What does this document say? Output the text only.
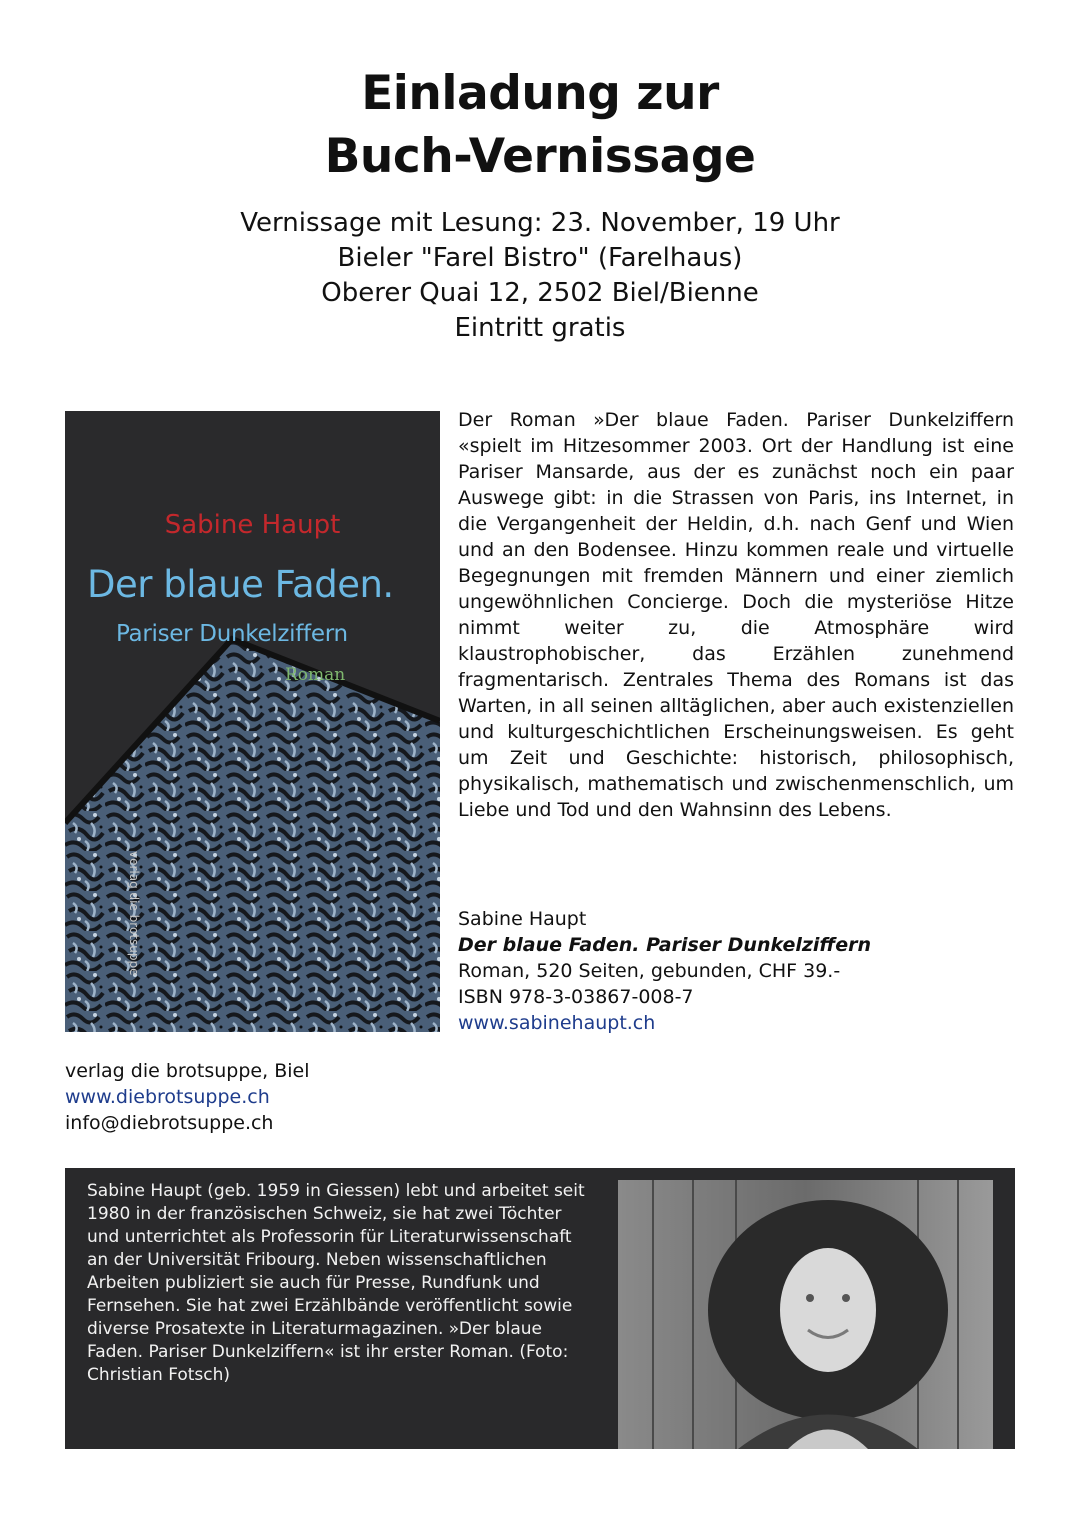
Einladung zur
Buch-Vernissage
Vernissage mit Lesung: 23. November, 19 Uhr
Bieler "Farel Bistro" (Farelhaus)
Oberer Quai 12, 2502 Biel/Bienne
Eintritt gratis
Sabine Haupt
Der blaue Faden.
Pariser Dunkelziffern
Roman
verlag die brotsuppe
Der Roman »Der blaue Faden. Pariser Dunkelziffern «spielt im Hitzesommer 2003. Ort der Handlung ist eine Pariser Mansarde, aus der es zunächst noch ein paar Auswege gibt: in die Strassen von Paris, ins Internet, in die Vergangenheit der Heldin, d.h. nach Genf und Wien und an den Bodensee. Hinzu kommen reale und virtuelle Begegnungen mit fremden Männern und einer ziemlich ungewöhnlichen Concierge. Doch die mysteriöse Hitze nimmt weiter zu, die Atmosphäre wird klaustrophobischer, das Erzählen zunehmend fragmentarisch. Zentrales Thema des Romans ist das Warten, in all seinen alltäglichen, aber auch existenziellen und kulturgeschichtlichen Erscheinungsweisen. Es geht um Zeit und Geschichte: historisch, philosophisch, physikalisch, mathematisch und zwischenmenschlich, um Liebe und Tod und den Wahnsinn des Lebens.
Sabine Haupt
Der blaue Faden. Pariser Dunkelziffern
Roman, 520 Seiten, gebunden, CHF 39.-
ISBN 978-3-03867-008-7
www.sabinehaupt.ch
verlag die brotsuppe, Biel
www.diebrotsuppe.ch
info@diebrotsuppe.ch
Sabine Haupt (geb. 1959 in Giessen) lebt und arbeitet seit 1980 in der französischen Schweiz, sie hat zwei Töchter und unterrichtet als Professorin für Literaturwissenschaft an der Universität Fribourg. Neben wissenschaftlichen Arbeiten publiziert sie auch für Presse, Rundfunk und Fernsehen. Sie hat zwei Erzählbände veröffentlicht sowie diverse Prosatexte in Literaturmagazinen. »Der blaue Faden. Pariser Dunkelziffern« ist ihr erster Roman. (Foto: Christian Fotsch)
